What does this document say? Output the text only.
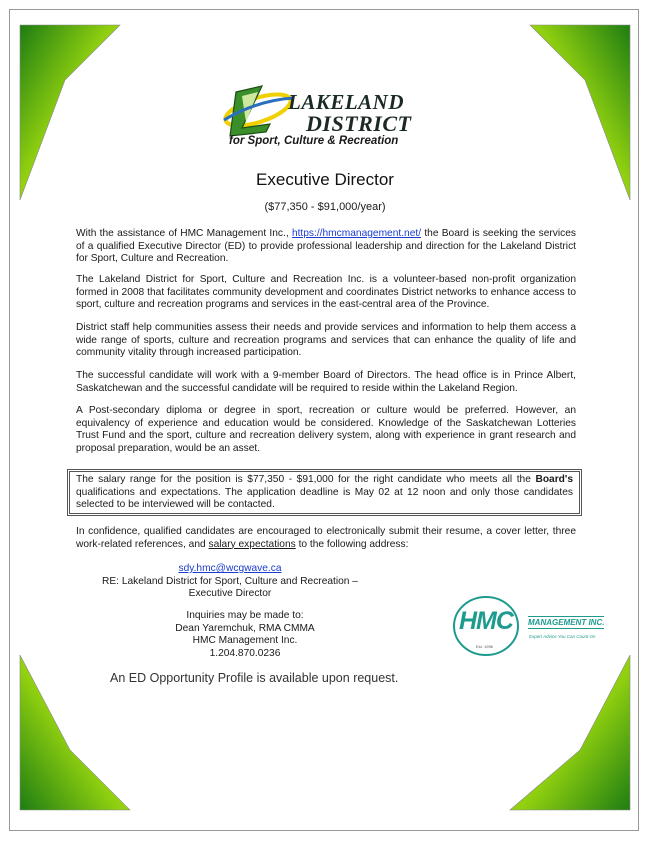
LAKELAND
DISTRICT
for Sport, Culture & Recreation
Executive Director
($77,350 - $91,000/year)

With the assistance of HMC Management Inc., https://hmcmanagement.net/ the Board is seeking the services of a qualified Executive Director (ED) to provide professional leadership and direction for the Lakeland District for Sport, Culture and Recreation.

The Lakeland District for Sport, Culture and Recreation Inc. is a volunteer-based non-profit organization formed in 2008 that facilitates community development and coordinates District networks to enhance access to sport, culture and recreation programs and services in the east-central area of the Province.

District staff help communities assess their needs and provide services and information to help them access a wide range of sports, culture and recreation programs and services that can enhance the quality of life and community vitality through increased participation.

The successful candidate will work with a 9-member Board of Directors. The head office is in Prince Albert, Saskatchewan and the successful candidate will be required to reside within the Lakeland Region.

A Post-secondary diploma or degree in sport, recreation or culture would be preferred. However, an equivalency of experience and education would be considered. Knowledge of the Saskatchewan Lotteries Trust Fund and the sport, culture and recreation delivery system, along with experience in grant research and proposal preparation, would be an asset.

The salary range for the position is $77,350 - $91,000 for the right candidate who meets all the Board's qualifications and expectations. The application deadline is May 02 at 12 noon and only those candidates selected to be interviewed will be contacted.

In confidence, qualified candidates are encouraged to electronically submit their resume, a cover letter, three work-related references, and salary expectations to the following address:

sdy.hmc@wcgwave.ca
RE: Lakeland District for Sport, Culture and Recreation – Executive Director
Inquiries may be made to:
Dean Yaremchuk, RMA CMMA
HMC Management Inc.
1.204.870.0236
HMC
Est. 1996
MANAGEMENT INC.
Expert Advice You Can Count On
An ED Opportunity Profile is available upon request.
